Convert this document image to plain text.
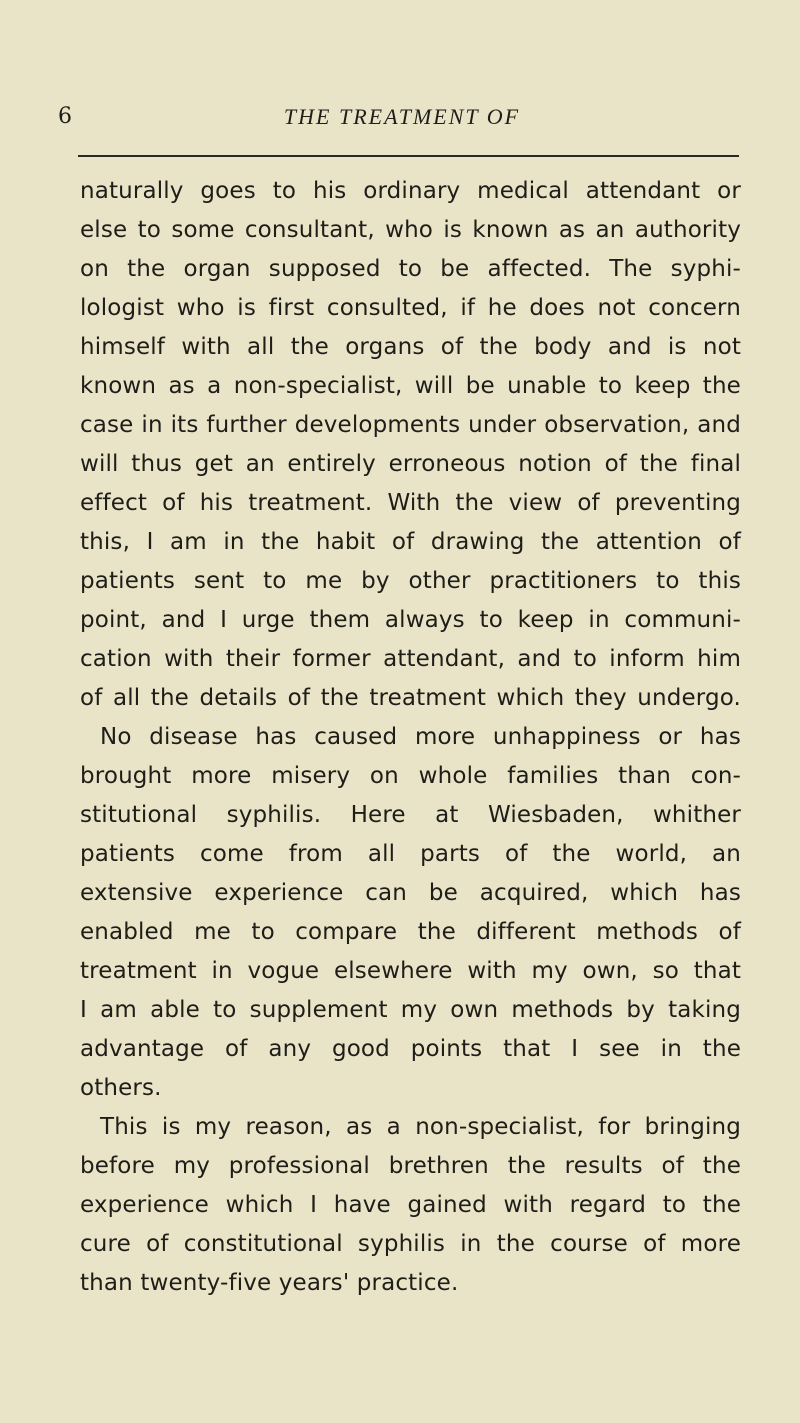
6	THE TREATMENT OF
naturally goes to his ordinary medical attendant or
else to some consultant, who is known as an authority
on the organ supposed to be affected. The syphi-
lologist who is first consulted, if he does not concern
himself with all the organs of the body and is not
known as a non-specialist, will be unable to keep the
case in its further developments under observation, and
will thus get an entirely erroneous notion of the final
effect of his treatment. With the view of preventing
this, I am in the habit of drawing the attention of
patients sent to me by other practitioners to this
point, and I urge them always to keep in communi-
cation with their former attendant, and to inform him
of all the details of the treatment which they undergo.
No disease has caused more unhappiness or has
brought more misery on whole families than con-
stitutional syphilis. Here at Wiesbaden, whither
patients come from all parts of the world, an
extensive experience can be acquired, which has
enabled me to compare the different methods of
treatment in vogue elsewhere with my own, so that
I am able to supplement my own methods by taking
advantage of any good points that I see in the
others.
This is my reason, as a non-specialist, for bringing
before my professional brethren the results of the
experience which I have gained with regard to the
cure of constitutional syphilis in the course of more
than twenty-five years' practice.
